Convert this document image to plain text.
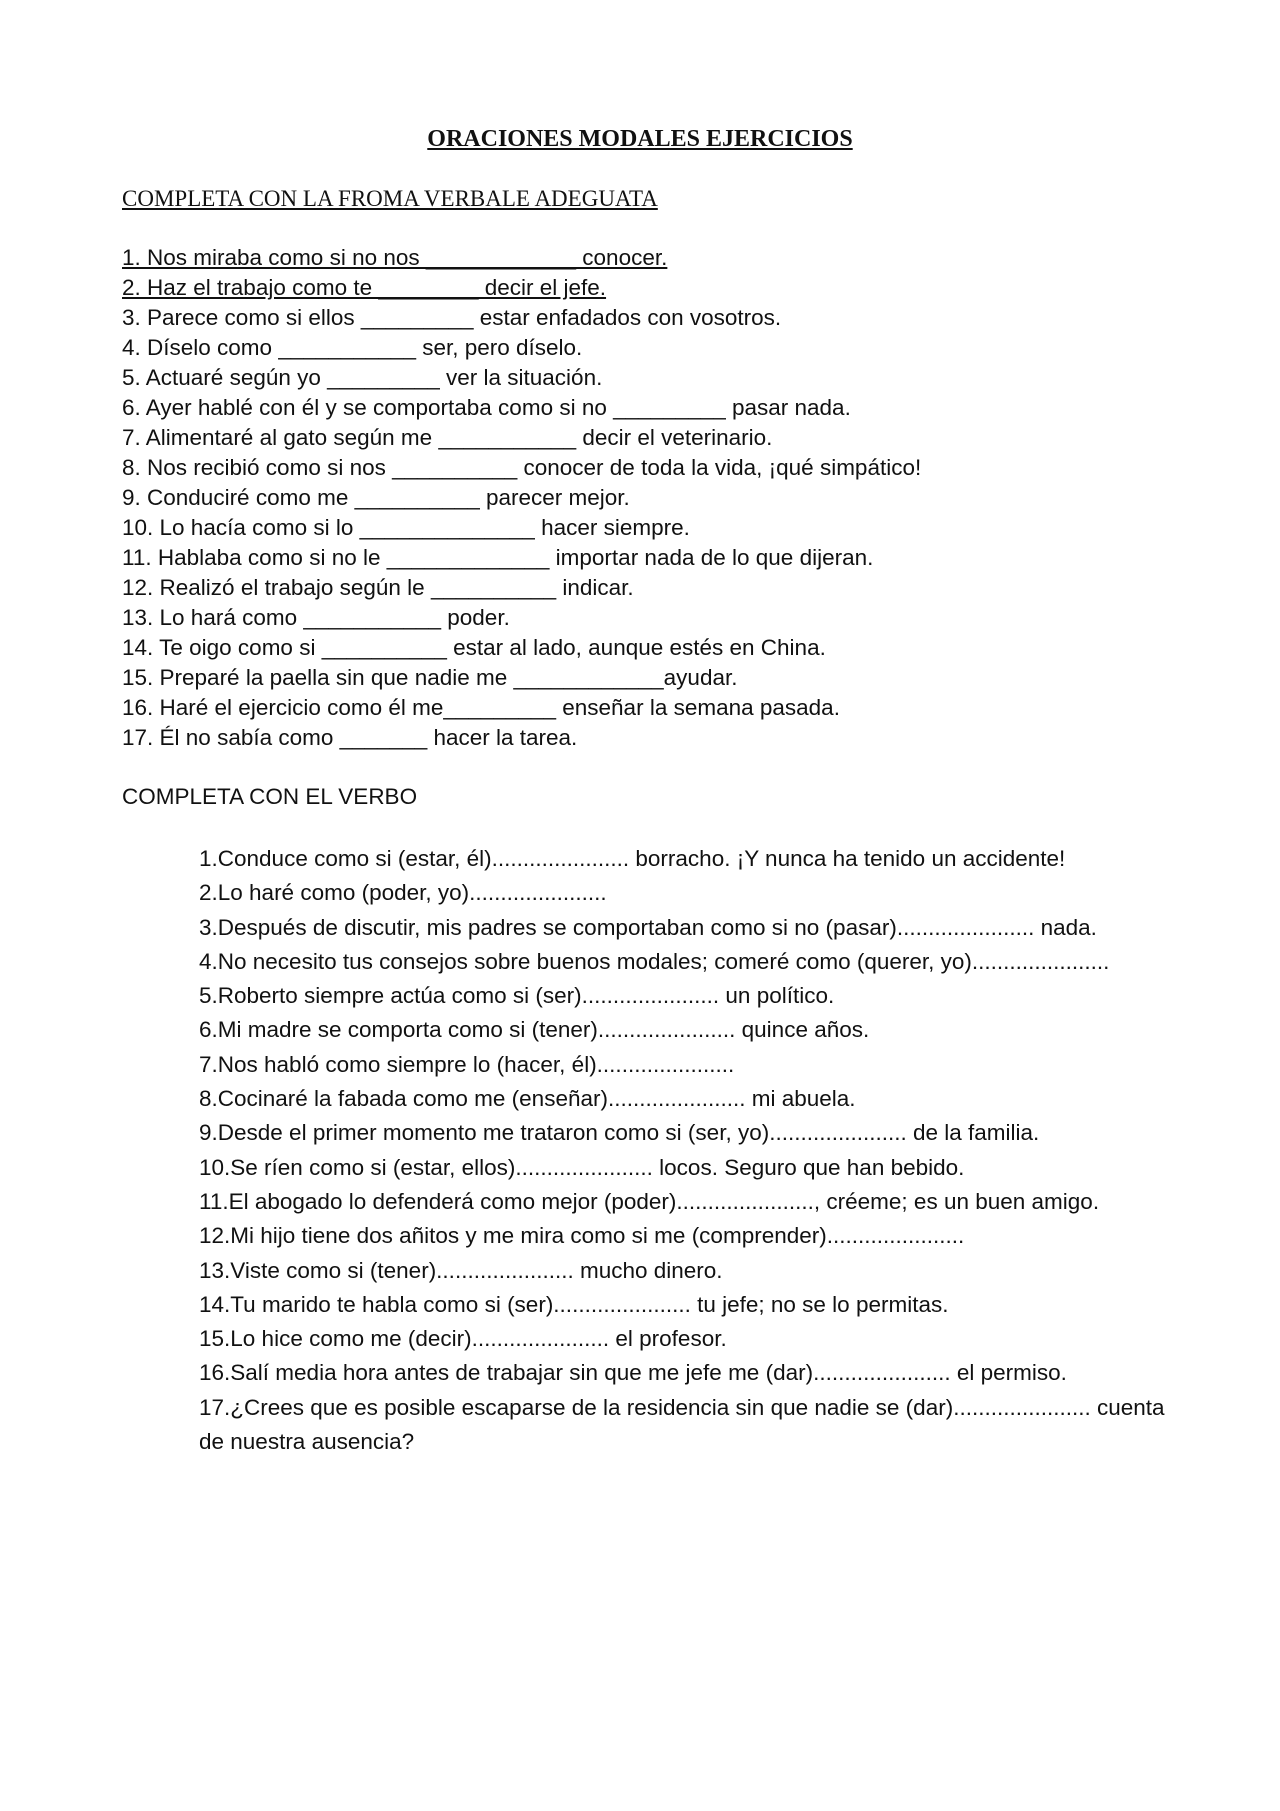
ORACIONES MODALES EJERCICIOS
COMPLETA CON LA FROMA VERBALE ADEGUATA
1. Nos miraba como si no nos ____________ conocer.
2. Haz el trabajo como te ________ decir el jefe.
3. Parece como si ellos _________ estar enfadados con vosotros.
4. Díselo como ___________ ser, pero díselo.
5. Actuaré según yo _________ ver la situación.
6. Ayer hablé con él y se comportaba como si no _________ pasar nada.
7. Alimentaré al gato según me ___________ decir el veterinario.
8. Nos recibió como si nos __________ conocer de toda la vida, ¡qué simpático!
9. Conduciré como me __________ parecer mejor.
10. Lo hacía como si lo ______________ hacer siempre.
11. Hablaba como si no le _____________ importar nada de lo que dijeran.
12. Realizó el trabajo según le __________ indicar.
13. Lo hará como ___________ poder.
14. Te oigo como si __________ estar al lado, aunque estés en China.
15. Preparé la paella sin que nadie me ____________ayudar.
16. Haré el ejercicio como él me_________ enseñar la semana pasada.
17. Él no sabía como _______ hacer la tarea.
COMPLETA CON EL VERBO
1.Conduce como si (estar, él)...................... borracho. ¡Y nunca ha tenido un accidente!
2.Lo haré como (poder, yo)......................
3.Después de discutir, mis padres se comportaban como si no (pasar)...................... nada.
4.No necesito tus consejos sobre buenos modales; comeré como (querer, yo)......................
5.Roberto siempre actúa como si (ser)...................... un político.
6.Mi madre se comporta como si (tener)...................... quince años.
7.Nos habló como siempre lo (hacer, él)......................
8.Cocinaré la fabada como me (enseñar)...................... mi abuela.
9.Desde el primer momento me trataron como si (ser, yo)...................... de la familia.
10.Se ríen como si (estar, ellos)...................... locos. Seguro que han bebido.
11.El abogado lo defenderá como mejor (poder)......................, créeme; es un buen amigo.
12.Mi hijo tiene dos añitos y me mira como si me (comprender)......................
13.Viste como si (tener)...................... mucho dinero.
14.Tu marido te habla como si (ser)...................... tu jefe; no se lo permitas.
15.Lo hice como me (decir)...................... el profesor.
16.Salí media hora antes de trabajar sin que me jefe me (dar)...................... el permiso.
17.¿Crees que es posible escaparse de la residencia sin que nadie se (dar)...................... cuenta de nuestra ausencia?
